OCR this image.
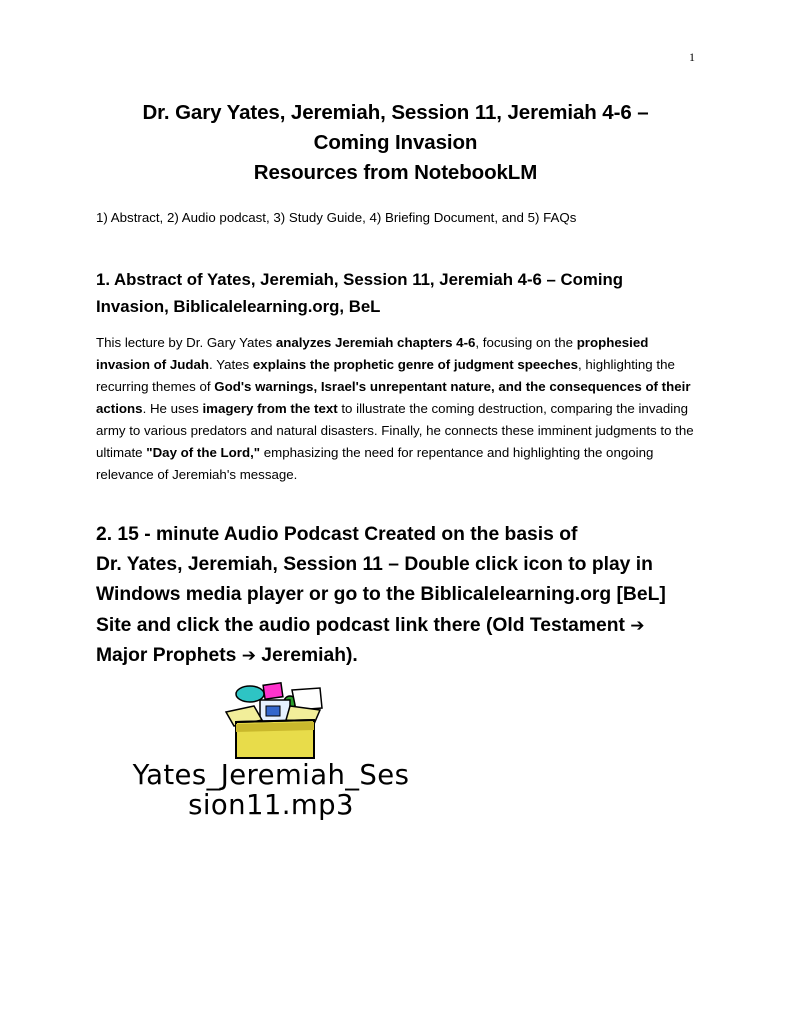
1
Dr. Gary Yates, Jeremiah, Session 11, Jeremiah 4-6 –
Coming Invasion
Resources from NotebookLM
1) Abstract, 2) Audio podcast, 3) Study Guide, 4) Briefing Document, and 5) FAQs
1. Abstract of Yates, Jeremiah, Session 11, Jeremiah 4-6 – Coming
Invasion, Biblicalelearning.org, BeL

This lecture by Dr. Gary Yates analyzes Jeremiah chapters 4-6, focusing on the prophesied invasion of Judah. Yates explains the prophetic genre of judgment speeches, highlighting the recurring themes of God's warnings, Israel's unrepentant nature, and the consequences of their actions. He uses imagery from the text to illustrate the coming destruction, comparing the invading army to various predators and natural disasters. Finally, he connects these imminent judgments to the ultimate "Day of the Lord," emphasizing the need for repentance and highlighting the ongoing relevance of Jeremiah's message.

2. 15 - minute Audio Podcast Created on the basis of
Dr. Yates, Jeremiah, Session 11 – Double click icon to play in
Windows media player or go to the Biblicalelearning.org [BeL]
Site and click the audio podcast link there (Old Testament ➔
Major Prophets ➔ Jeremiah).
Yates_Jeremiah_Ses
sion11.mp3
